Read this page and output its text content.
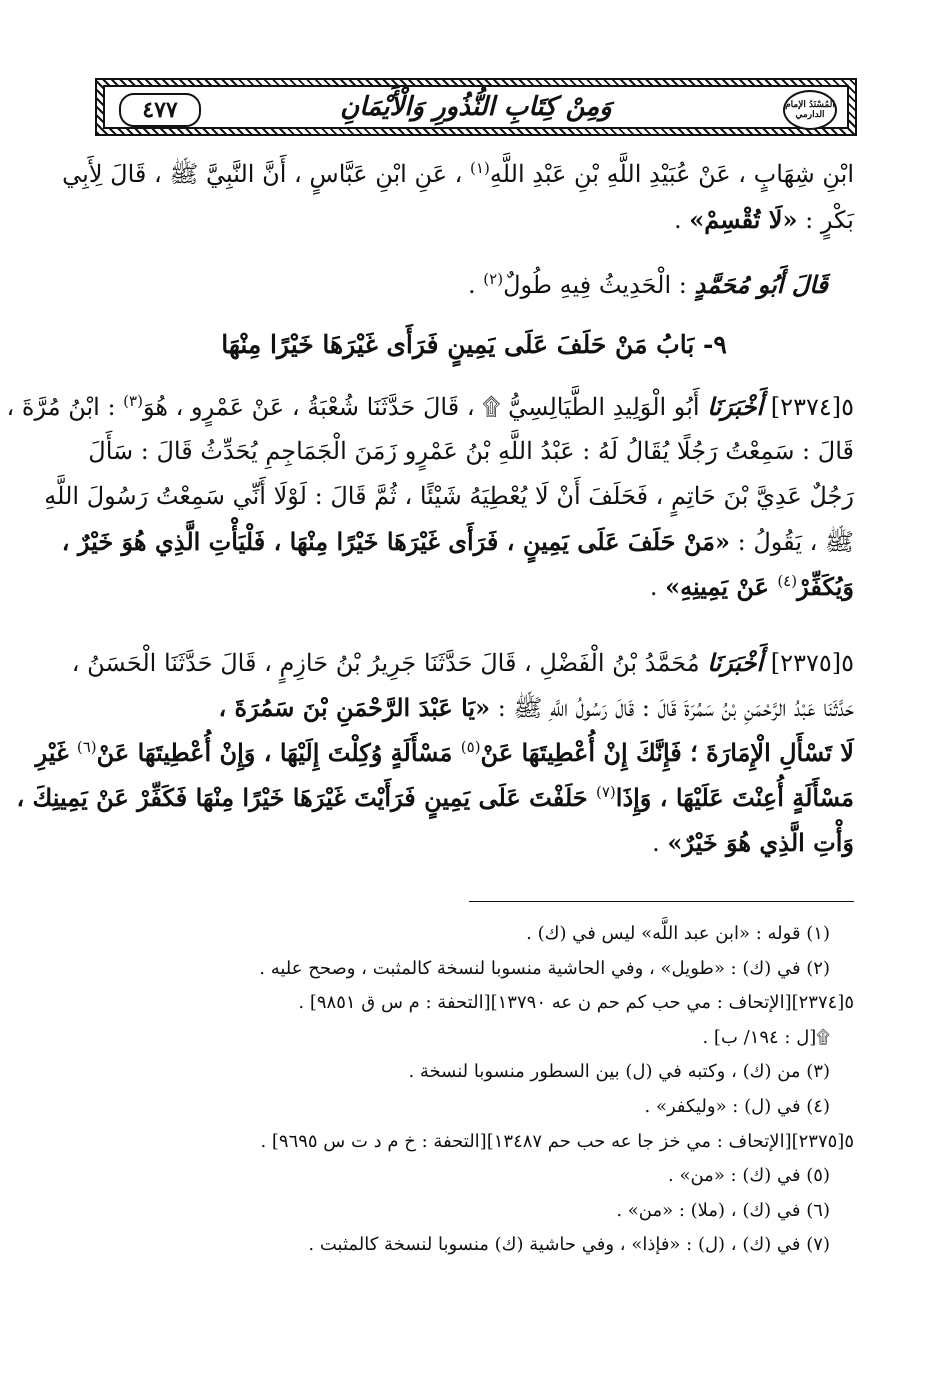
المُسْنَدُ الإمام الدارمي
وَمِنْ كِتَابِ النُّذُورِ وَالْأَيْمَانِ
٤٧٧
ابْنِ شِهَابٍ ، عَنْ عُبَيْدِ اللَّهِ بْنِ عَبْدِ اللَّهِ$^{(١)}$ ، عَنِ ابْنِ عَبَّاسٍ ، أَنَّ النَّبِيَّ ﷺ ، قَالَ لِأَبِي
بَكْرٍ : «لَا تُقْسِمْ» .
قَالَ أَبُو مُحَمَّدٍ : الْحَدِيثُ فِيهِ طُولٌ$^{(٢)}$ .
٩- بَابُ مَنْ حَلَفَ عَلَى يَمِينٍ فَرَأَى غَيْرَهَا خَيْرًا مِنْهَا
٥[٢٣٧٤] أَخْبَرَنَا أَبُو الْوَلِيدِ الطَّيَالِسِيُّ ۩ ، قَالَ حَدَّثَنَا شُعْبَةُ ، عَنْ عَمْرٍو ، هُوَ$^{(٣)}$ : ابْنُ مُرَّةَ ،
قَالَ : سَمِعْتُ رَجُلًا يُقَالُ لَهُ : عَبْدُ اللَّهِ بْنُ عَمْرٍو زَمَنَ الْجَمَاجِمِ يُحَدِّثُ قَالَ : سَأَلَ
رَجُلٌ عَدِيَّ بْنَ حَاتِمٍ ، فَحَلَفَ أَنْ لَا يُعْطِيَهُ شَيْئًا ، ثُمَّ قَالَ : لَوْلَا أَنِّي سَمِعْتُ رَسُولَ اللَّهِ
ﷺ ، يَقُولُ : «مَنْ حَلَفَ عَلَى يَمِينٍ ، فَرَأَى غَيْرَهَا خَيْرًا مِنْهَا ، فَلْيَأْتِ الَّذِي هُوَ خَيْرٌ ،
وَيُكَفِّرْ$^{(٤)}$ عَنْ يَمِينِهِ» .
٥[٢٣٧٥] أَخْبَرَنَا مُحَمَّدُ بْنُ الْفَضْلِ ، قَالَ حَدَّثَنَا جَرِيرُ بْنُ حَازِمٍ ، قَالَ حَدَّثَنَا الْحَسَنُ ،
حَدَّثَنَا عَبْدُ الرَّحْمَنِ بْنُ سَمُرَةَ قَالَ : قَالَ رَسُولُ اللَّهِ ﷺ : «يَا عَبْدَ الرَّحْمَنِ بْنَ سَمُرَةَ ،
لَا تَسْأَلِ الْإِمَارَةَ ؛ فَإِنَّكَ إِنْ أُعْطِيتَهَا عَنْ$^{(٥)}$ مَسْأَلَةٍ وُكِلْتَ إِلَيْهَا ، وَإِنْ أُعْطِيتَهَا عَنْ$^{(٦)}$ غَيْرِ
مَسْأَلَةٍ أُعِنْتَ عَلَيْهَا ، وَإِذَا$^{(٧)}$ حَلَفْتَ عَلَى يَمِينٍ فَرَأَيْتَ غَيْرَهَا خَيْرًا مِنْهَا فَكَفِّرْ عَنْ يَمِينِكَ ،
وَأْتِ الَّذِي هُوَ خَيْرٌ» .
(١) قوله : «ابن عبد اللَّه» ليس في (ك) .
(٢) في (ك) : «طويل» ، وفي الحاشية منسوبا لنسخة كالمثبت ، وصحح عليه .
٥[٢٣٧٤][الإتحاف : مي حب كم حم ن عه ١٣٧٩٠][التحفة : م س ق ٩٨٥١] .
۩[ل : ١٩٤/ ب] .
(٣) من (ك) ، وكتبه في (ل) بين السطور منسوبا لنسخة .
(٤) في (ل) : «وليكفر» .
٥[٢٣٧٥][الإتحاف : مي خز جا عه حب حم ١٣٤٨٧][التحفة : خ م د ت س ٩٦٩٥] .
(٥) في (ك) : «من» .
(٦) في (ك) ، (ملا) : «من» .
(٧) في (ك) ، (ل) : «فإذا» ، وفي حاشية (ك) منسوبا لنسخة كالمثبت .
